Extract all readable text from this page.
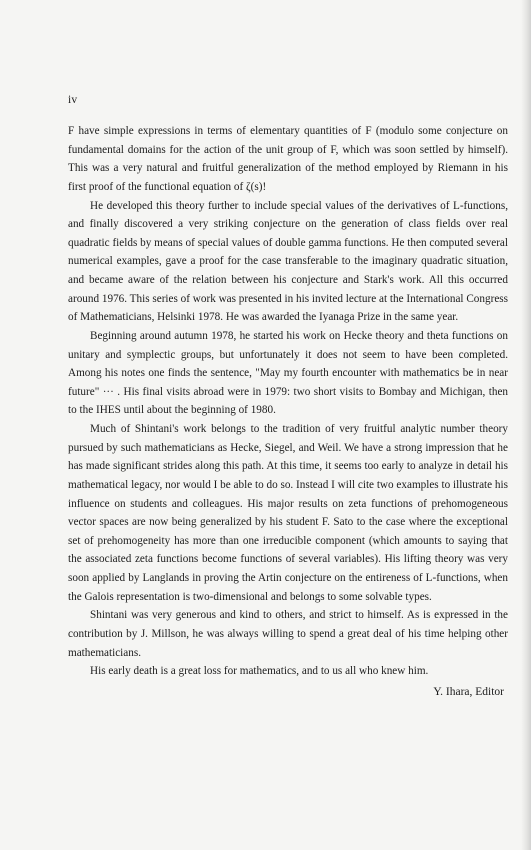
iv

F have simple expressions in terms of elementary quantities of F (modulo some conjecture on fundamental domains for the action of the unit group of F, which was soon settled by himself). This was a very natural and fruitful generalization of the method employed by Riemann in his first proof of the functional equation of ζ(s)!

He developed this theory further to include special values of the derivatives of L-functions, and finally discovered a very striking conjecture on the generation of class fields over real quadratic fields by means of special values of double gamma functions. He then computed several numerical examples, gave a proof for the case transferable to the imaginary quadratic situation, and became aware of the relation between his conjecture and Stark's work. All this occurred around 1976. This series of work was presented in his invited lecture at the International Congress of Mathematicians, Helsinki 1978. He was awarded the Iyanaga Prize in the same year.

Beginning around autumn 1978, he started his work on Hecke theory and theta functions on unitary and symplectic groups, but unfortunately it does not seem to have been completed. Among his notes one finds the sentence, "May my fourth encounter with mathematics be in near future" ··· . His final visits abroad were in 1979: two short visits to Bombay and Michigan, then to the IHES until about the beginning of 1980.

Much of Shintani's work belongs to the tradition of very fruitful analytic number theory pursued by such mathematicians as Hecke, Siegel, and Weil. We have a strong impression that he has made significant strides along this path. At this time, it seems too early to analyze in detail his mathematical legacy, nor would I be able to do so. Instead I will cite two examples to illustrate his influence on students and colleagues. His major results on zeta functions of prehomogeneous vector spaces are now being generalized by his student F. Sato to the case where the exceptional set of prehomogeneity has more than one irreducible component (which amounts to saying that the associated zeta functions become functions of several variables). His lifting theory was very soon applied by Langlands in proving the Artin conjecture on the entireness of L-functions, when the Galois representation is two-dimensional and belongs to some solvable types.

Shintani was very generous and kind to others, and strict to himself. As is expressed in the contribution by J. Millson, he was always willing to spend a great deal of his time helping other mathematicians.

His early death is a great loss for mathematics, and to us all who knew him.

Y. Ihara, Editor
